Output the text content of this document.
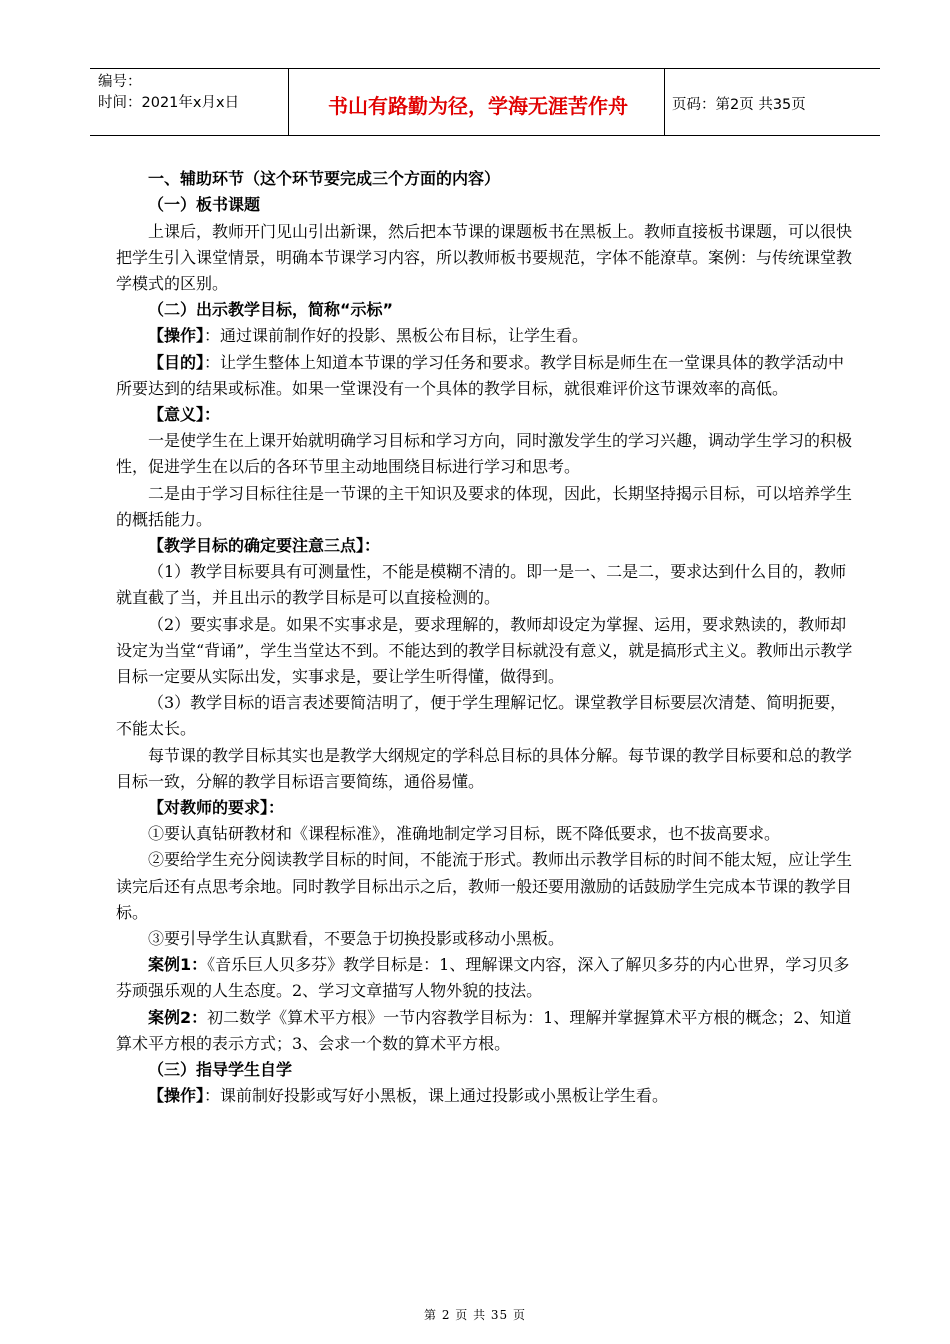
编号：
时间：2021年x月x日	书山有路勤为径，学海无涯苦作舟	页码：第2页 共35页

一、辅助环节（这个环节要完成三个方面的内容）

（一）板书课题

上课后，教师开门见山引出新课，然后把本节课的课题板书在黑板上。教师直接板书课题，可以很快把学生引入课堂情景，明确本节课学习内容，所以教师板书要规范，字体不能潦草。案例：与传统课堂教学模式的区别。

（二）出示教学目标，简称“示标”

【操作】：通过课前制作好的投影、黑板公布目标，让学生看。

【目的】：让学生整体上知道本节课的学习任务和要求。教学目标是师生在一堂课具体的教学活动中所要达到的结果或标准。如果一堂课没有一个具体的教学目标，就很难评价这节课效率的高低。

【意义】：

一是使学生在上课开始就明确学习目标和学习方向，同时激发学生的学习兴趣，调动学生学习的积极性，促进学生在以后的各环节里主动地围绕目标进行学习和思考。

二是由于学习目标往往是一节课的主干知识及要求的体现，因此，长期坚持揭示目标，可以培养学生的概括能力。

【教学目标的确定要注意三点】：

（1）教学目标要具有可测量性，不能是模糊不清的。即一是一、二是二，要求达到什么目的，教师就直截了当，并且出示的教学目标是可以直接检测的。

（2）要实事求是。如果不实事求是，要求理解的，教师却设定为掌握、运用，要求熟读的，教师却设定为当堂“背诵”，学生当堂达不到。不能达到的教学目标就没有意义，就是搞形式主义。教师出示教学目标一定要从实际出发，实事求是，要让学生听得懂，做得到。

（3）教学目标的语言表述要简洁明了，便于学生理解记忆。课堂教学目标要层次清楚、简明扼要，不能太长。

每节课的教学目标其实也是教学大纲规定的学科总目标的具体分解。每节课的教学目标要和总的教学目标一致，分解的教学目标语言要简练，通俗易懂。

【对教师的要求】：

①要认真钻研教材和《课程标准》，准确地制定学习目标，既不降低要求，也不拔高要求。

②要给学生充分阅读教学目标的时间，不能流于形式。教师出示教学目标的时间不能太短，应让学生读完后还有点思考余地。同时教学目标出示之后，教师一般还要用激励的话鼓励学生完成本节课的教学目标。

③要引导学生认真默看，不要急于切换投影或移动小黑板。

案例1：《音乐巨人贝多芬》教学目标是：1、理解课文内容，深入了解贝多芬的内心世界，学习贝多芬顽强乐观的人生态度。2、学习文章描写人物外貌的技法。

案例2：初二数学《算术平方根》一节内容教学目标为：1、理解并掌握算术平方根的概念；2、知道算术平方根的表示方式；3、会求一个数的算术平方根。

（三）指导学生自学

【操作】：课前制好投影或写好小黑板，课上通过投影或小黑板让学生看。

第 2 页 共 35 页
